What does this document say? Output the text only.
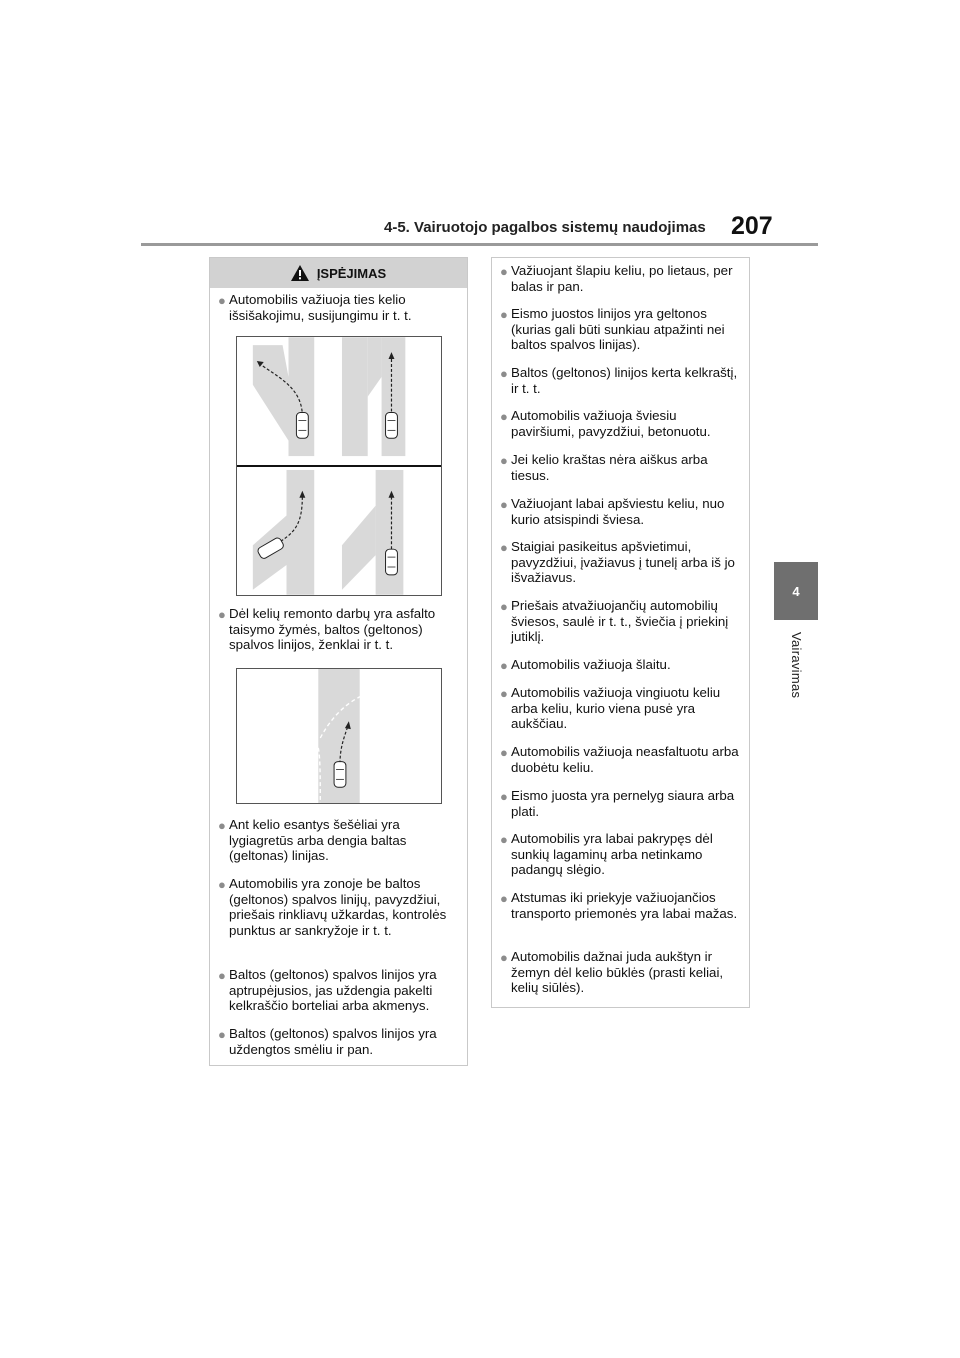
4-5. Vairuotojo pagalbos sistemų naudojimas 207
4
Vairavimas
ĮSPĖJIMAS
● Automobilis važiuoja ties kelio išsišakojimu, susijungimu ir t. t.
● Dėl kelių remonto darbų yra asfalto taisymo žymės, baltos (geltonos) spalvos linijos, ženklai ir t. t.
● Ant kelio esantys šešėliai yra lygiagretūs arba dengia baltas (geltonas) linijas.
● Automobilis yra zonoje be baltos (geltonos) spalvos linijų, pavyzdžiui, priešais rinkliavų užkardas, kontrolės punktus ar sankryžoje ir t. t.
● Baltos (geltonos) spalvos linijos yra aptrupėjusios, jas uždengia pakelti kelkraščio borteliai arba akmenys.
● Baltos (geltonos) spalvos linijos yra uždengtos smėliu ir pan.
● Važiuojant šlapiu keliu, po lietaus, per balas ir pan.
● Eismo juostos linijos yra geltonos (kurias gali būti sunkiau atpažinti nei baltos spalvos linijas).
● Baltos (geltonos) linijos kerta kelkraštį, ir t. t.
● Automobilis važiuoja šviesiu paviršiumi, pavyzdžiui, betonuotu.
● Jei kelio kraštas nėra aiškus arba tiesus.
● Važiuojant labai apšviestu keliu, nuo kurio atsispindi šviesa.
● Staigiai pasikeitus apšvietimui, pavyzdžiui, įvažiavus į tunelį arba iš jo išvažiavus.
● Priešais atvažiuojančių automobilių šviesos, saulė ir t. t., šviečia į priekinį jutiklį.
● Automobilis važiuoja šlaitu.
● Automobilis važiuoja vingiuotu keliu arba keliu, kurio viena pusė yra aukščiau.
● Automobilis važiuoja neasfaltuotu arba duobėtu keliu.
● Eismo juosta yra pernelyg siaura arba plati.
● Automobilis yra labai pakrypęs dėl sunkių lagaminų arba netinkamo padangų slėgio.
● Atstumas iki priekyje važiuojančios transporto priemonės yra labai mažas.
● Automobilis dažnai juda aukštyn ir žemyn dėl kelio būklės (prasti keliai, kelių siūlės).
